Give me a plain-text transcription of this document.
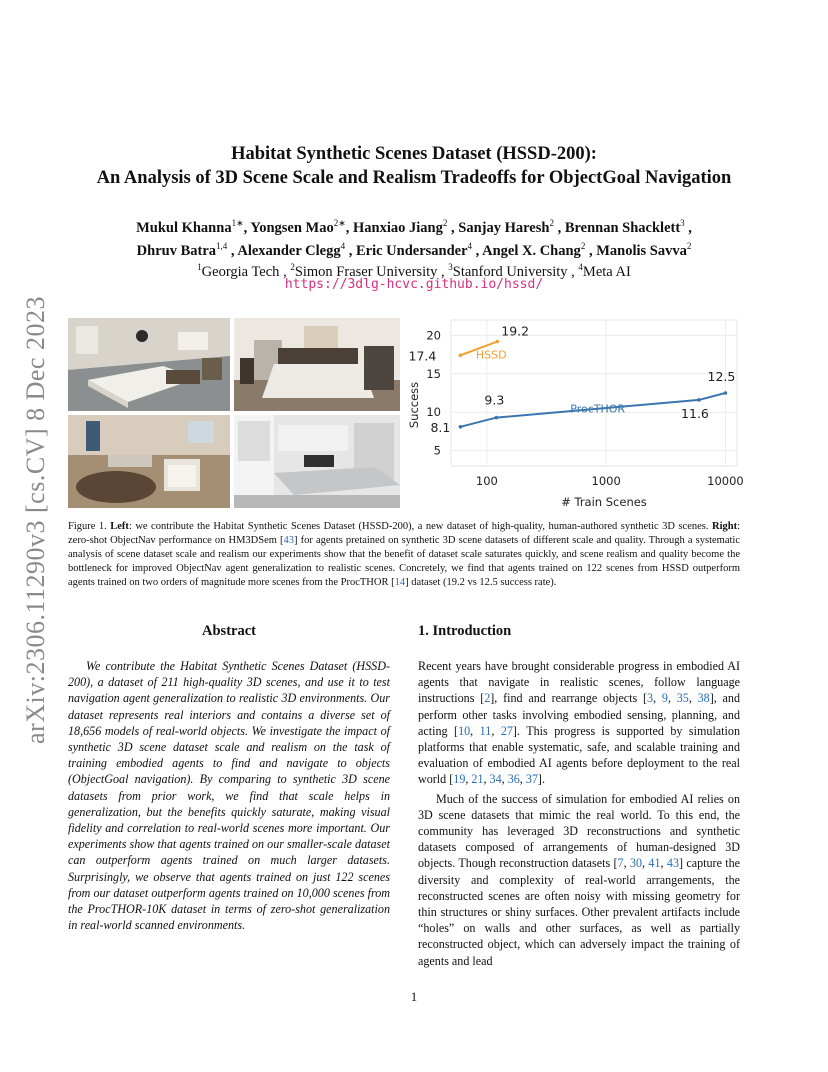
arXiv:2306.11290v3 [cs.CV] 8 Dec 2023
Habitat Synthetic Scenes Dataset (HSSD-200):
An Analysis of 3D Scene Scale and Realism Tradeoffs for ObjectGoal Navigation
Mukul Khanna$^{1∗}$, Yongsen Mao$^{2∗}$, Hanxiao Jiang$^2$ , Sanjay Haresh$^2$ , Brennan Shacklett$^3$ ,
Dhruv Batra$^{1,4}$ , Alexander Clegg$^4$ , Eric Undersander$^4$ , Angel X. Chang$^2$ , Manolis Savva$^2$
$^1$Georgia Tech , $^2$Simon Fraser University , $^3$Stanford University , $^4$Meta AI
https://3dlg-hcvc.github.io/hssd/
5
10
15
20
100	1000	10000
# Train Scenes
Success
17.4
19.2
HSSD
8.1
9.3
11.6
12.5
ProcTHOR
Figure 1. Left: we contribute the Habitat Synthetic Scenes Dataset (HSSD-200), a new dataset of high-quality, human-authored synthetic 3D scenes. Right: zero-shot ObjectNav performance on HM3DSem [43] for agents pretained on synthetic 3D scene datasets of different scale and quality. Through a systematic analysis of scene dataset scale and realism our experiments show that the benefit of dataset scale saturates quickly, and scene realism and quality become the bottleneck for improved ObjectNav agent generalization to realistic scenes. Concretely, we find that agents trained on 122 scenes from HSSD outperform agents trained on two orders of magnitude more scenes from the ProcTHOR [14] dataset (19.2 vs 12.5 success rate).
Abstract

We contribute the Habitat Synthetic Scenes Dataset (HSSD-200), a dataset of 211 high-quality 3D scenes, and use it to test navigation agent generalization to realistic 3D environments. Our dataset represents real interiors and contains a diverse set of 18,656 models of real-world objects. We investigate the impact of synthetic 3D scene dataset scale and realism on the task of training embodied agents to find and navigate to objects (ObjectGoal navigation). By comparing to synthetic 3D scene datasets from prior work, we find that scale helps in generalization, but the benefits quickly saturate, making visual fidelity and correlation to real-world scenes more important. Our experiments show that agents trained on our smaller-scale dataset can outperform agents trained on much larger datasets. Surprisingly, we observe that agents trained on just 122 scenes from our dataset outperform agents trained on 10,000 scenes from the ProcTHOR-10K dataset in terms of zero-shot generalization in real-world scanned environments.

1. Introduction

Recent years have brought considerable progress in embodied AI agents that navigate in realistic scenes, follow language instructions [2], find and rearrange objects [3, 9, 35, 38], and perform other tasks involving embodied sensing, planning, and acting [10, 11, 27]. This progress is supported by simulation platforms that enable systematic, safe, and scalable training and evaluation of embodied AI agents before deployment to the real world [19, 21, 34, 36, 37].

Much of the success of simulation for embodied AI relies on 3D scene datasets that mimic the real world. To this end, the community has leveraged 3D reconstructions and synthetic datasets composed of arrangements of human-designed 3D objects. Though reconstruction datasets [7, 30, 41, 43] capture the diversity and complexity of real-world arrangements, the reconstructed scenes are often noisy with missing geometry for thin structures or shiny surfaces. Other prevalent artifacts include “holes” on walls and other surfaces, as well as partially reconstructed object, which can adversely impact the training of agents and lead

1
